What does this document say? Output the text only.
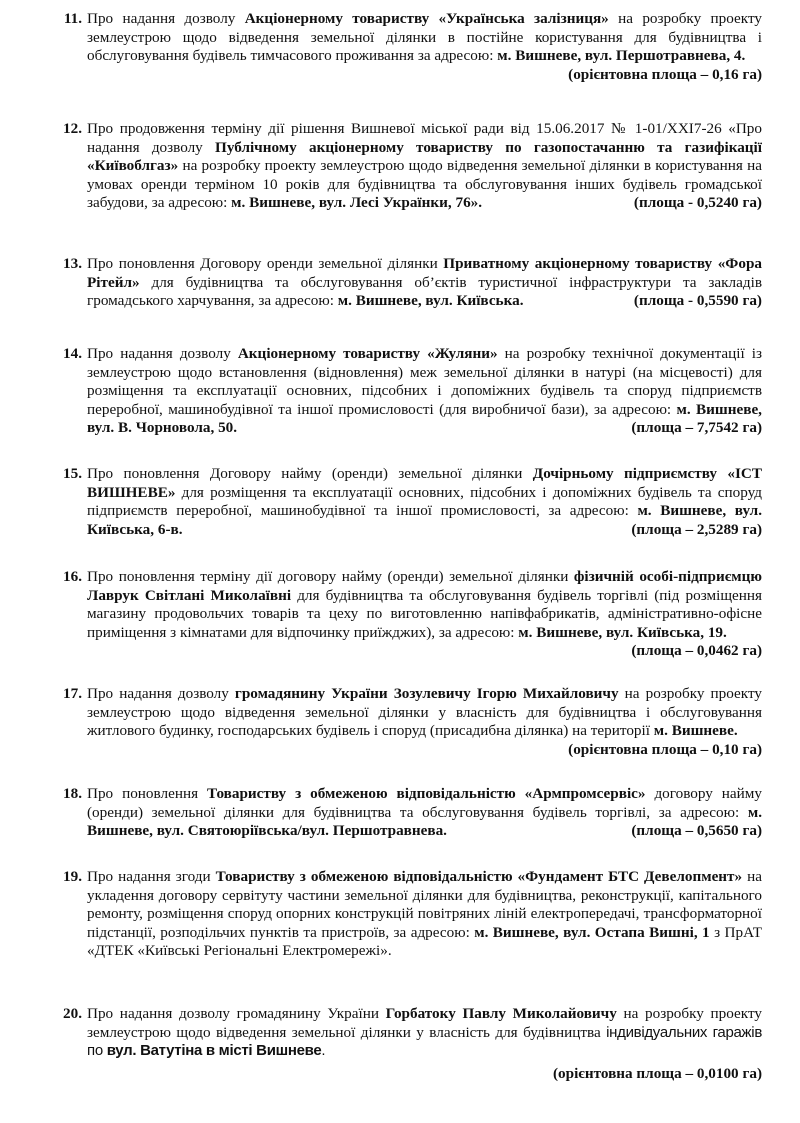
11. Про надання дозволу Акціонерному товариству «Українська залізниця» на розробку проекту землеустрою щодо відведення земельної ділянки в постійне користування для будівництва і обслуговування будівель тимчасового проживання за адресою: м. Вишневе, вул. Першотравнева, 4.
(орієнтовна площа – 0,16 га)
12. Про продовження терміну дії рішення Вишневої міської ради від 15.06.2017 № 1-01/XXI7-26 «Про надання дозволу Публічному акціонерному товариству по газопостачанню та газифікації «Київоблгаз» на розробку проекту землеустрою щодо відведення земельної ділянки в користування на умовах оренди терміном 10 років для будівництва та обслуговування інших будівель громадської забудови, за адресою: м. Вишневе, вул. Лесі Українки, 76».	(площа - 0,5240 га)
13. Про поновлення Договору оренди земельної ділянки Приватному акціонерному товариству «Фора Рітейл» для будівництва та обслуговування об’єктів туристичної інфраструктури та закладів громадського харчування, за адресою: м. Вишневе, вул. Київська.	(площа - 0,5590 га)
14. Про надання дозволу Акціонерному товариству «Жуляни» на розробку технічної документації із землеустрою щодо встановлення (відновлення) меж земельної ділянки в натурі (на місцевості) для розміщення та експлуатації основних, підсобних і допоміжних будівель та споруд підприємств переробної, машинобудівної та іншої промисловості (для виробничої бази), за адресою: м. Вишневе, вул. В. Чорновола, 50.	(площа – 7,7542 га)
15. Про поновлення Договору найму (оренди) земельної ділянки Дочірньому підприємству «ІСТ ВИШНЕВЕ» для розміщення та експлуатації основних, підсобних і допоміжних будівель та споруд підприємств переробної, машинобудівної та іншої промисловості, за адресою: м. Вишневе, вул. Київська, 6-в.	(площа – 2,5289 га)
16. Про поновлення терміну дії договору найму (оренди) земельної ділянки фізичній особі-підприємцю Лаврук Світлані Миколаївні для будівництва та обслуговування будівель торгівлі (під розміщення магазину продовольчих товарів та цеху по виготовленню напівфабрикатів, адміністративно-офісне приміщення з кімнатами для відпочинку приїжджих), за адресою: м. Вишневе, вул. Київська, 19.
(площа – 0,0462 га)
17. Про надання дозволу громадянину України Зозулевичу Ігорю Михайловичу на розробку проекту землеустрою щодо відведення земельної ділянки у власність для будівництва і обслуговування житлового будинку, господарських будівель і споруд (присадибна ділянка) на території м. Вишневе.
(орієнтовна площа – 0,10 га)
18. Про поновлення Товариству з обмеженою відповідальністю «Армпромсервіс» договору найму (оренди) земельної ділянки для будівництва та обслуговування будівель торгівлі, за адресою: м. Вишневе, вул. Святоюріївська/вул. Першотравнева.	(площа – 0,5650 га)
19. Про надання згоди Товариству з обмеженою відповідальністю «Фундамент БТС Девелопмент» на укладення договору сервітуту частини земельної ділянки для будівництва, реконструкції, капітального ремонту, розміщення споруд опорних конструкцій повітряних ліній електропередачі, трансформаторної підстанції, розподільчих пунктів та пристроїв, за адресою: м. Вишневе, вул. Остапа Вишні, 1 з ПрАТ «ДТЕК «Київські Регіональні Електромережі».
20. Про надання дозволу громадянину України Горбатоку Павлу Миколайовичу на розробку проекту землеустрою щодо відведення земельної ділянки у власність для будівництва індивідуальних гаражів по вул. Ватутіна в місті Вишневе.
(орієнтовна площа – 0,0100 га)
